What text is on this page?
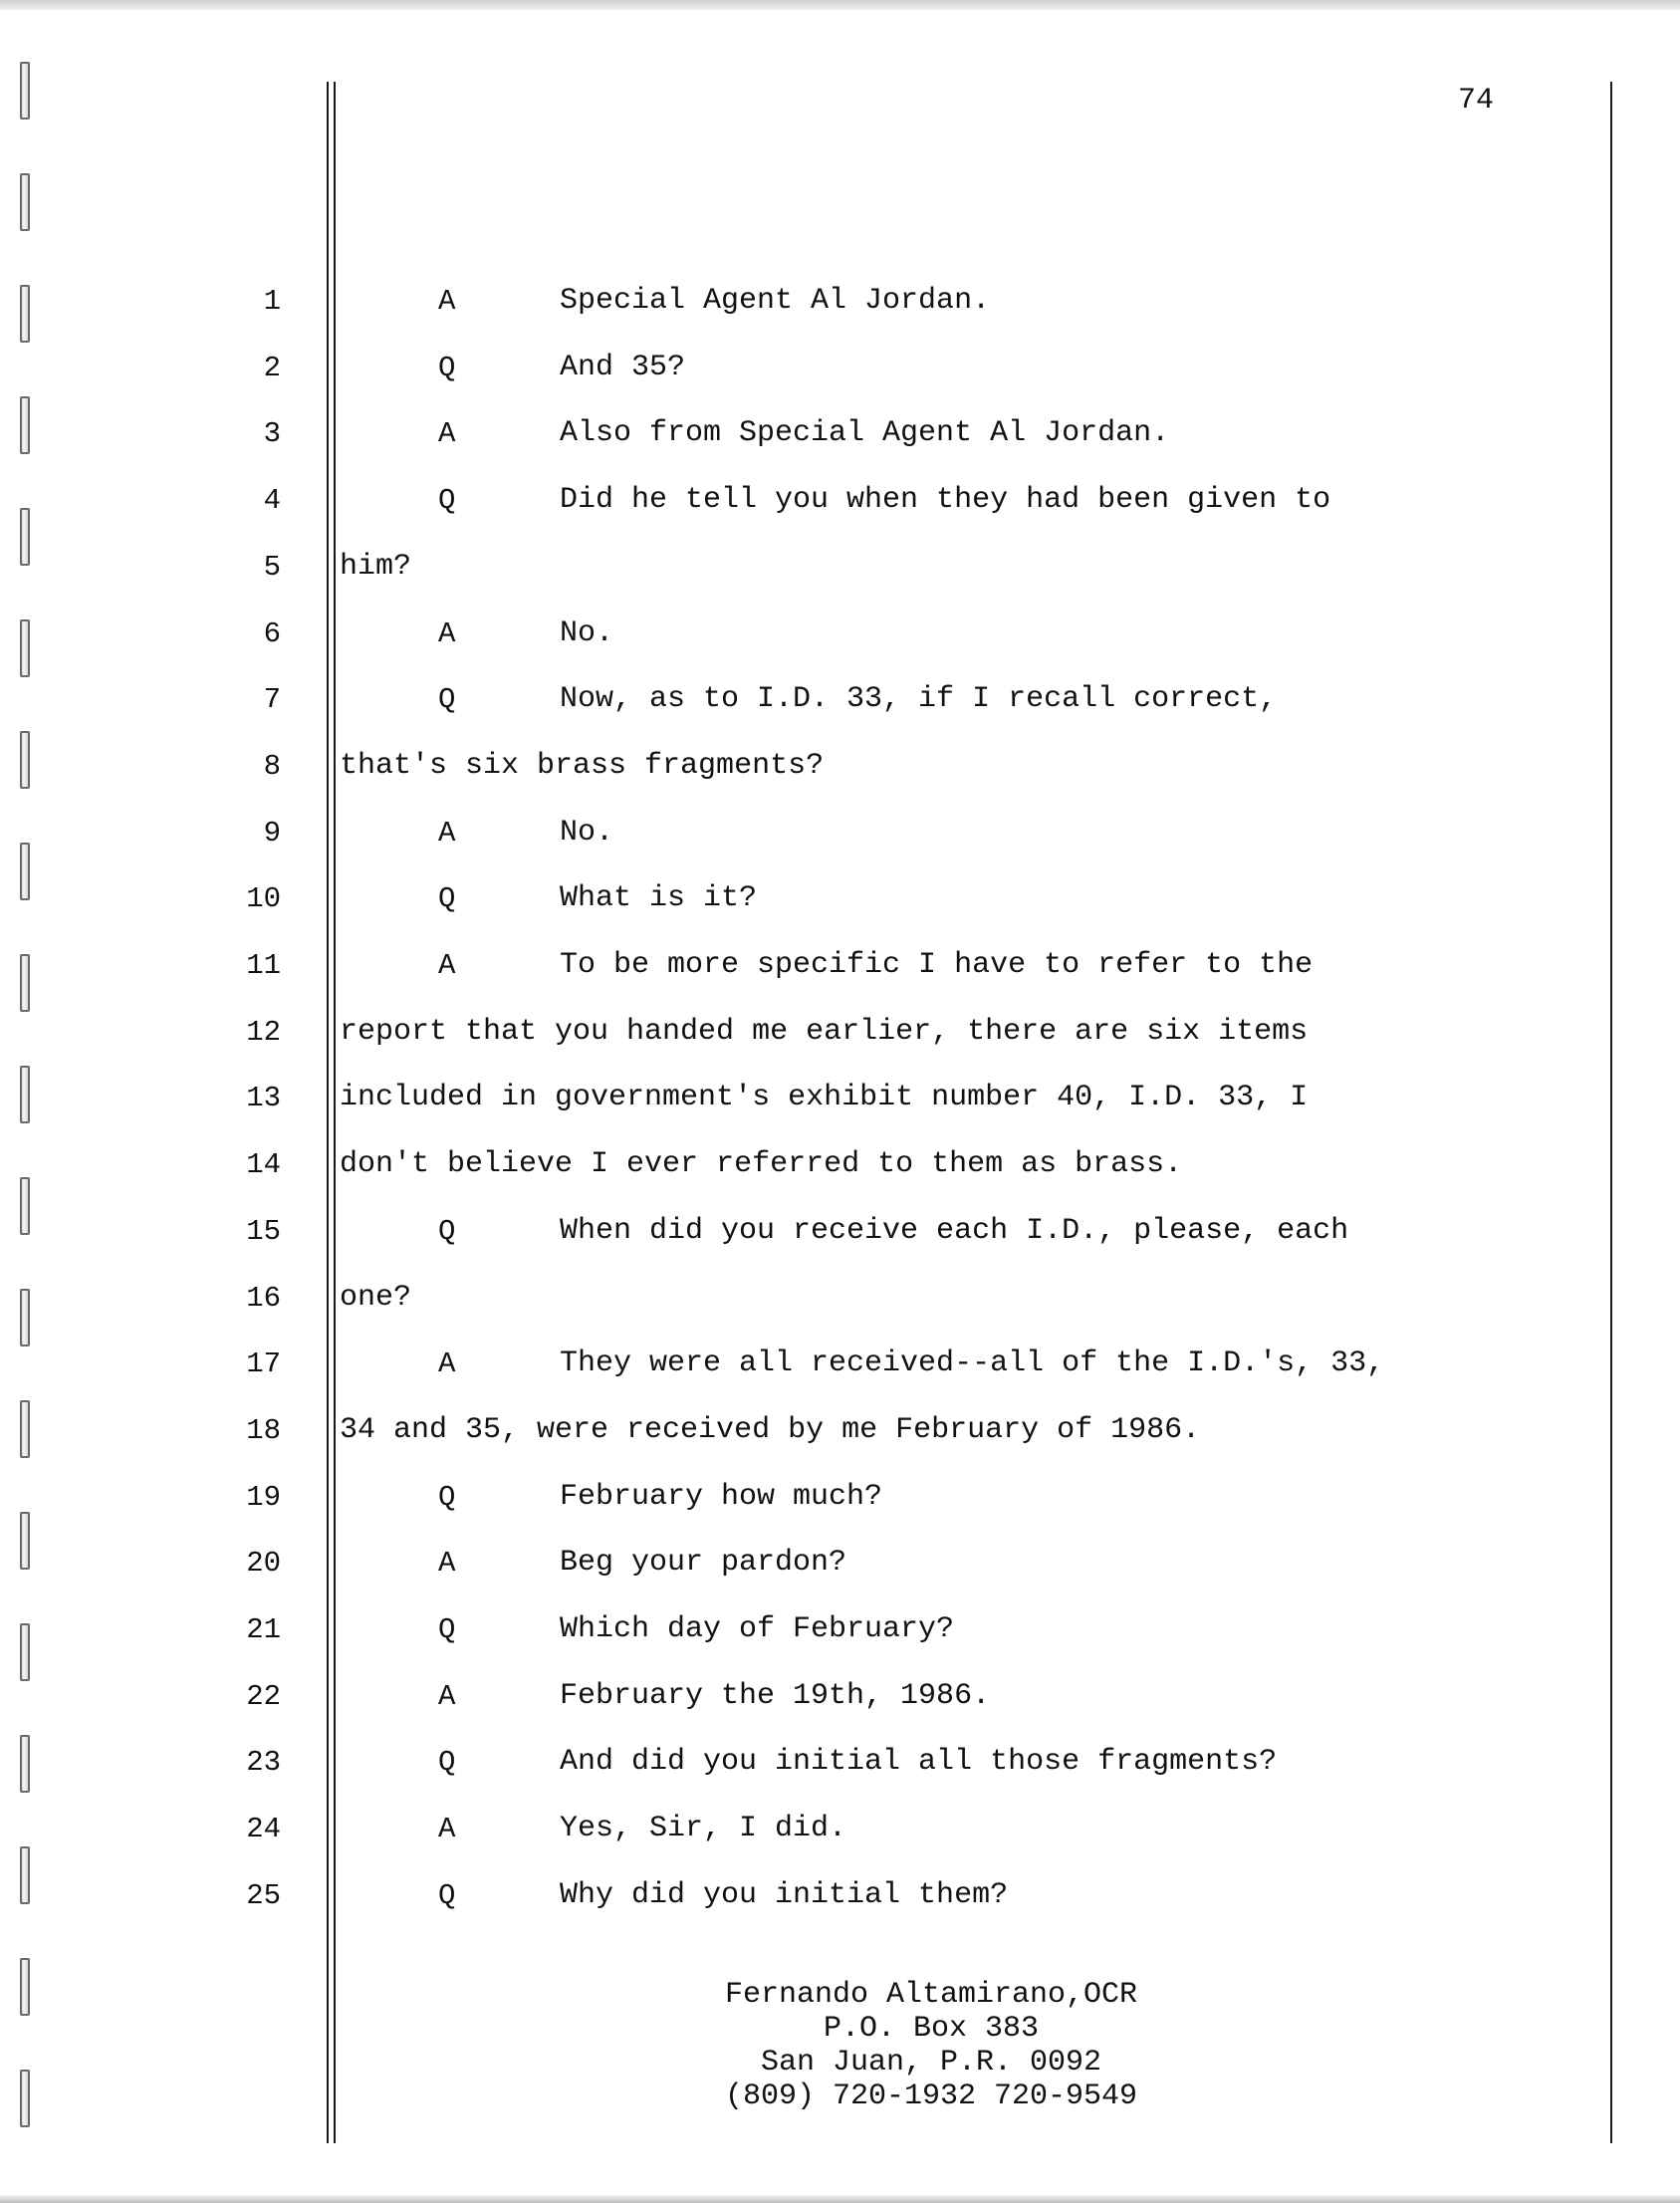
74
1	A	Special Agent Al Jordan.
2	Q	And 35?
3	A	Also from Special Agent Al Jordan.
4	Q	Did he tell you when they had been given to
5 him?
6	A	No.
7	Q	Now, as to I.D. 33, if I recall correct,
8 that's six brass fragments?
9	A	No.
10	Q	What is it?
11	A	To be more specific I have to refer to the
12 report that you handed me earlier, there are six items
13 included in government's exhibit number 40, I.D. 33, I
14 don't believe I ever referred to them as brass.
15	Q	When did you receive each I.D., please, each
16 one?
17	A	They were all received--all of the I.D.'s, 33,
18 34 and 35, were received by me February of 1986.
19	Q	February how much?
20	A	Beg your pardon?
21	Q	Which day of February?
22	A	February the 19th, 1986.
23	Q	And did you initial all those fragments?
24	A	Yes, Sir, I did.
25	Q	Why did you initial them?
Fernando Altamirano,OCR
P.O. Box 383
San Juan, P.R. 0092
(809) 720-1932 720-9549
